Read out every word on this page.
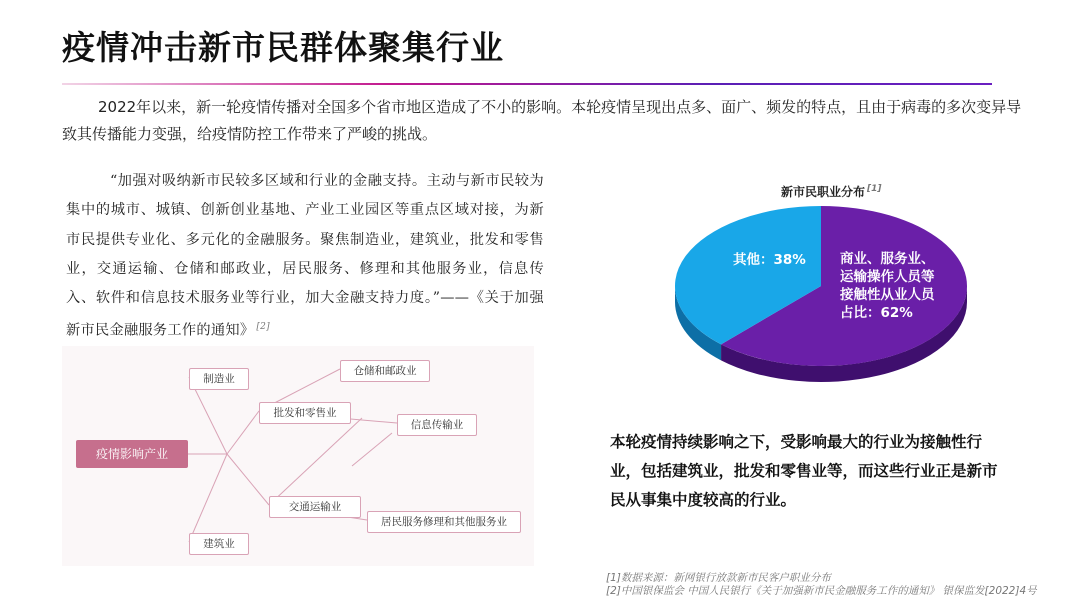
疫情冲击新市民群体聚集行业
2022年以来，新一轮疫情传播对全国多个省市地区造成了不小的影响。本轮疫情呈现出点多、面广、频发的特点，且由于病毒的多次变异导致其传播能力变强，给疫情防控工作带来了严峻的挑战。
“加强对吸纳新市民较多区域和行业的金融支持。主动与新市民较为集中的城市、城镇、创新创业基地、产业工业园区等重点区域对接，为新市民提供专业化、多元化的金融服务。聚焦制造业，建筑业，批发和零售业，交通运输、仓储和邮政业，居民服务、修理和其他服务业，信息传入、软件和信息技术服务业等行业，加大金融支持力度。”——《关于加强新市民金融服务工作的通知》 [2]
疫情影响产业
制造业
仓储和邮政业
批发和零售业
信息传输业
交通运输业
居民服务修理和其他服务业
建筑业
新市民职业分布 [1]
其他：38%	商业、服务业、
运输操作人员等
接触性从业人员
占比：62%
本轮疫情持续影响之下，受影响最大的行业为接触性行业，包括建筑业，批发和零售业等，而这些行业正是新市民从事集中度较高的行业。
[1]数据来源：新网银行放款新市民客户职业分布
[2]中国银保监会 中国人民银行《关于加强新市民金融服务工作的通知》 银保监发[2022]4号
